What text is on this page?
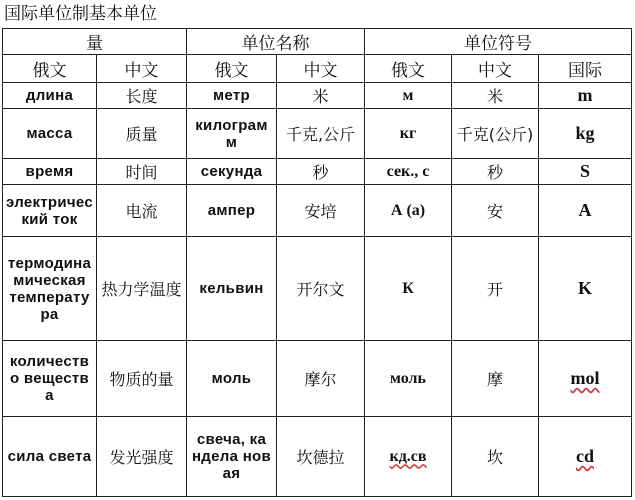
国际单位制基本单位
量		单位名称		单位符号		
俄文	中文	俄文	中文	俄文	中文	国际
длина	长度	метр	米	м	米	m
масса	质量	килограм м	千克,公斤	кг	千克(公斤)	kg
время	时间	секунда	秒	сек., с	秒	S
электричес кий ток	电流	ампер	安培	А (а)	安	A
термодина мическая температу ра	热力学温度	кельвин	开尔文	К	开	K
количеств о веществ а	物质的量	моль	摩尔	моль	摩	mol
сила света	发光强度	свеча, ка ндела нов ая	坎德拉	кд.св	坎	cd
